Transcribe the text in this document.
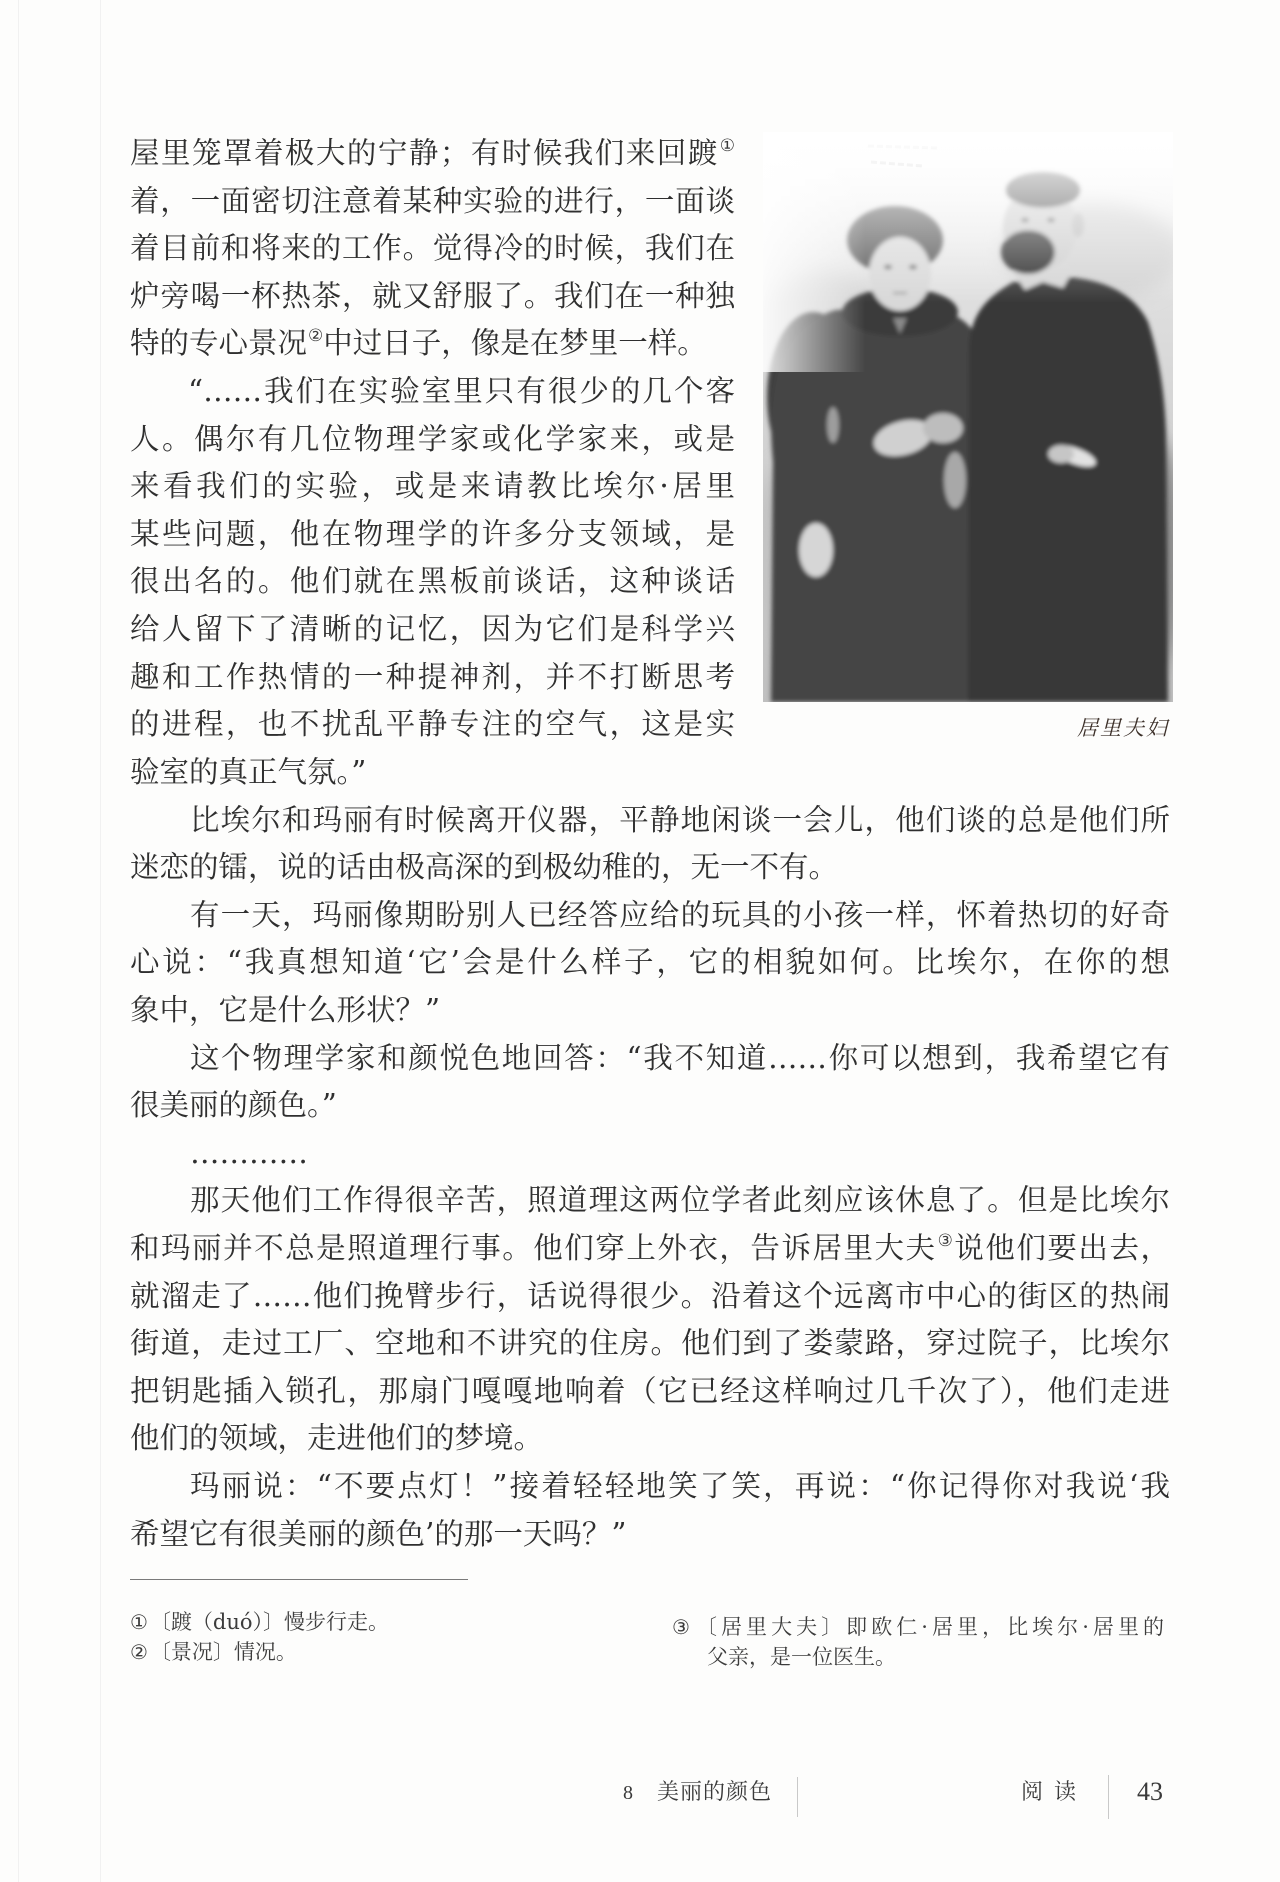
屋里笼罩着极大的宁静；有时候我们来回踱①
着，一面密切注意着某种实验的进行，一面谈
着目前和将来的工作。觉得冷的时候，我们在
炉旁喝一杯热茶，就又舒服了。我们在一种独
特的专心景况②中过日子，像是在梦里一样。
“……我们在实验室里只有很少的几个客
人。偶尔有几位物理学家或化学家来，或是
来看我们的实验，或是来请教比埃尔·居里
某些问题，他在物理学的许多分支领域，是
很出名的。他们就在黑板前谈话，这种谈话
给人留下了清晰的记忆，因为它们是科学兴
趣和工作热情的一种提神剂，并不打断思考
的进程，也不扰乱平静专注的空气，这是实
验室的真正气氛。”
居里夫妇
比埃尔和玛丽有时候离开仪器，平静地闲谈一会儿，他们谈的总是他们所
迷恋的镭，说的话由极高深的到极幼稚的，无一不有。
有一天，玛丽像期盼别人已经答应给的玩具的小孩一样，怀着热切的好奇
心说：“我真想知道‘它’会是什么样子，它的相貌如何。比埃尔，在你的想
象中，它是什么形状？”
这个物理学家和颜悦色地回答：“我不知道……你可以想到，我希望它有
很美丽的颜色。”
…………
那天他们工作得很辛苦，照道理这两位学者此刻应该休息了。但是比埃尔
和玛丽并不总是照道理行事。他们穿上外衣，告诉居里大夫③说他们要出去，
就溜走了……他们挽臂步行，话说得很少。沿着这个远离市中心的街区的热闹
街道，走过工厂、空地和不讲究的住房。他们到了娄蒙路，穿过院子，比埃尔
把钥匙插入锁孔，那扇门嘎嘎地响着（它已经这样响过几千次了），他们走进
他们的领域，走进他们的梦境。
玛丽说：“不要点灯！”接着轻轻地笑了笑，再说：“你记得你对我说‘我
希望它有很美丽的颜色’的那一天吗？”
①〔踱（duó）〕慢步行走。
②〔景况〕情况。
③〔居里大夫〕即欧仁·居里，比埃尔·居里的
父亲，是一位医生。
8 美丽的颜色	阅 读 43
